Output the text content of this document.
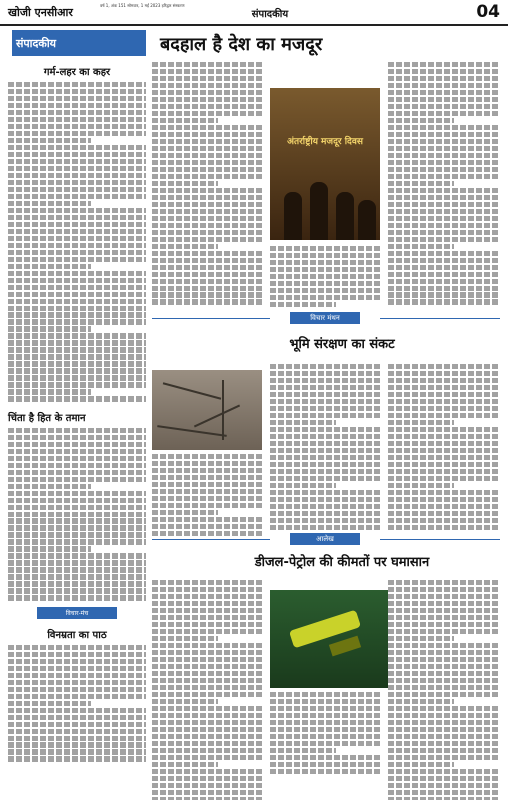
खोजी एनसीआर
वर्ष 1, अंक 151 सोमवार, 1 मई 2023 हरिद्वार संस्करण
संपादकीय	04
संपादकीय
गर्म-लहर का कहर
चिंता है हित के तमान
विचार-मंच
विनम्रता का पाठ
बदहाल है देश का मजदूर
अंतर्राष्ट्रीय मजदूर दिवस
विचार मंथन
भूमि संरक्षण का संकट
आलेख
डीजल-पेट्रोल की कीमतों पर घमासान
